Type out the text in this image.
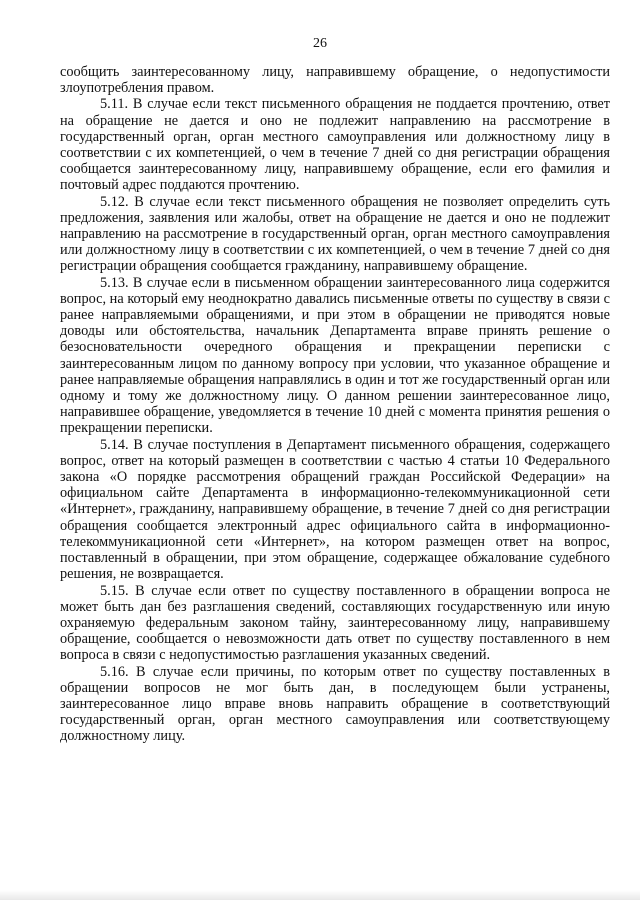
26

сообщить заинтересованному лицу, направившему обращение, о недопустимости злоупотребления правом.

5.11. В случае если текст письменного обращения не поддается прочтению, ответ на обращение не дается и оно не подлежит направлению на рассмотрение в государственный орган, орган местного самоуправления или должностному лицу в соответствии с их компетенцией, о чем в течение 7 дней со дня регистрации обращения сообщается заинтересованному лицу, направившему обращение, если его фамилия и почтовый адрес поддаются прочтению.

5.12. В случае если текст письменного обращения не позволяет определить суть предложения, заявления или жалобы, ответ на обращение не дается и оно не подлежит направлению на рассмотрение в государственный орган, орган местного самоуправления или должностному лицу в соответствии с их компетенцией, о чем в течение 7 дней со дня регистрации обращения сообщается гражданину, направившему обращение.

5.13. В случае если в письменном обращении заинтересованного лица содержится вопрос, на который ему неоднократно давались письменные ответы по существу в связи с ранее направляемыми обращениями, и при этом в обращении не приводятся новые доводы или обстоятельства, начальник Департамента вправе принять решение о безосновательности очередного обращения и прекращении переписки с заинтересованным лицом по данному вопросу при условии, что указанное обращение и ранее направляемые обращения направлялись в один и тот же государственный орган или одному и тому же должностному лицу. О данном решении заинтересованное лицо, направившее обращение, уведомляется в течение 10 дней с момента принятия решения о прекращении переписки.

5.14. В случае поступления в Департамент письменного обращения, содержащего вопрос, ответ на который размещен в соответствии с частью 4 статьи 10 Федерального закона «О порядке рассмотрения обращений граждан Российской Федерации» на официальном сайте Департамента в информационно-телекоммуникационной сети «Интернет», гражданину, направившему обращение, в течение 7 дней со дня регистрации обращения сообщается электронный адрес официального сайта в информационно-телекоммуникационной сети «Интернет», на котором размещен ответ на вопрос, поставленный в обращении, при этом обращение, содержащее обжалование судебного решения, не возвращается.

5.15. В случае если ответ по существу поставленного в обращении вопроса не может быть дан без разглашения сведений, составляющих государственную или иную охраняемую федеральным законом тайну, заинтересованному лицу, направившему обращение, сообщается о невозможности дать ответ по существу поставленного в нем вопроса в связи с недопустимостью разглашения указанных сведений.

5.16. В случае если причины, по которым ответ по существу поставленных в обращении вопросов не мог быть дан, в последующем были устранены, заинтересованное лицо вправе вновь направить обращение в соответствующий государственный орган, орган местного самоуправления или соответствующему должностному лицу.
